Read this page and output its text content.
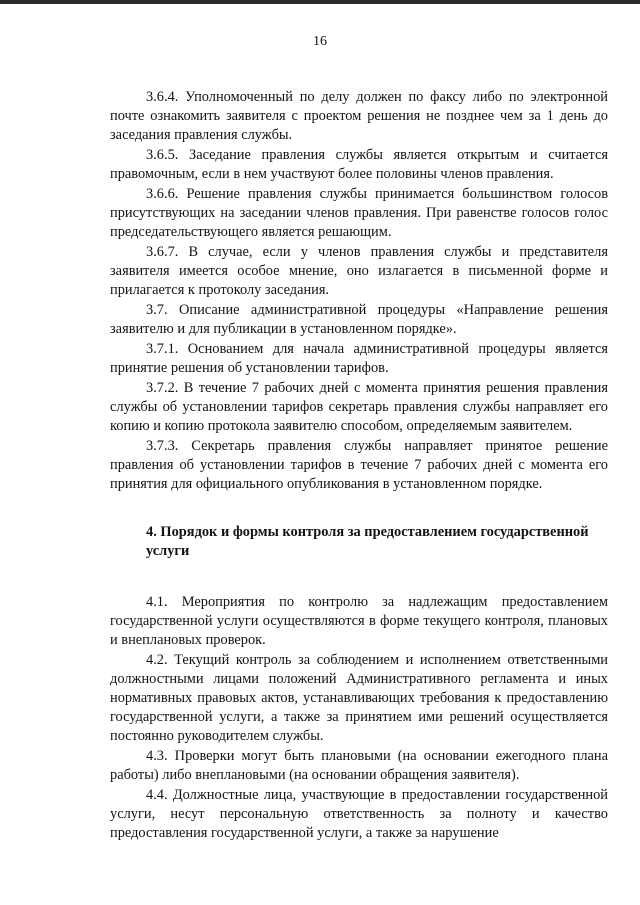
16

3.6.4. Уполномоченный по делу должен по факсу либо по электронной почте ознакомить заявителя с проектом решения не позднее чем за 1 день до заседания правления службы.

3.6.5. Заседание правления службы является открытым и считается правомочным, если в нем участвуют более половины членов правления.

3.6.6. Решение правления службы принимается большинством голосов присутствующих на заседании членов правления. При равенстве голосов голос председательствующего является решающим.

3.6.7. В случае, если у членов правления службы и представителя заявителя имеется особое мнение, оно излагается в письменной форме и прилагается к протоколу заседания.

3.7. Описание административной процедуры «Направление решения заявителю и для публикации в установленном порядке».

3.7.1. Основанием для начала административной процедуры является принятие решения об установлении тарифов.

3.7.2. В течение 7 рабочих дней с момента принятия решения правления службы об установлении тарифов секретарь правления службы направляет его копию и копию протокола заявителю способом, определяемым заявителем.

3.7.3. Секретарь правления службы направляет принятое решение правления об установлении тарифов в течение 7 рабочих дней с момента его принятия для официального опубликования в установленном порядке.

4. Порядок и формы контроля за предоставлением государственной услуги

4.1. Мероприятия по контролю за надлежащим предоставлением государственной услуги осуществляются в форме текущего контроля, плановых и внеплановых проверок.

4.2. Текущий контроль за соблюдением и исполнением ответственными должностными лицами положений Административного регламента и иных нормативных правовых актов, устанавливающих требования к предоставлению государственной услуги, а также за принятием ими решений осуществляется постоянно руководителем службы.

4.3. Проверки могут быть плановыми (на основании ежегодного плана работы) либо внеплановыми (на основании обращения заявителя).

4.4. Должностные лица, участвующие в предоставлении государственной услуги, несут персональную ответственность за полноту и качество предоставления государственной услуги, а также за нарушение
